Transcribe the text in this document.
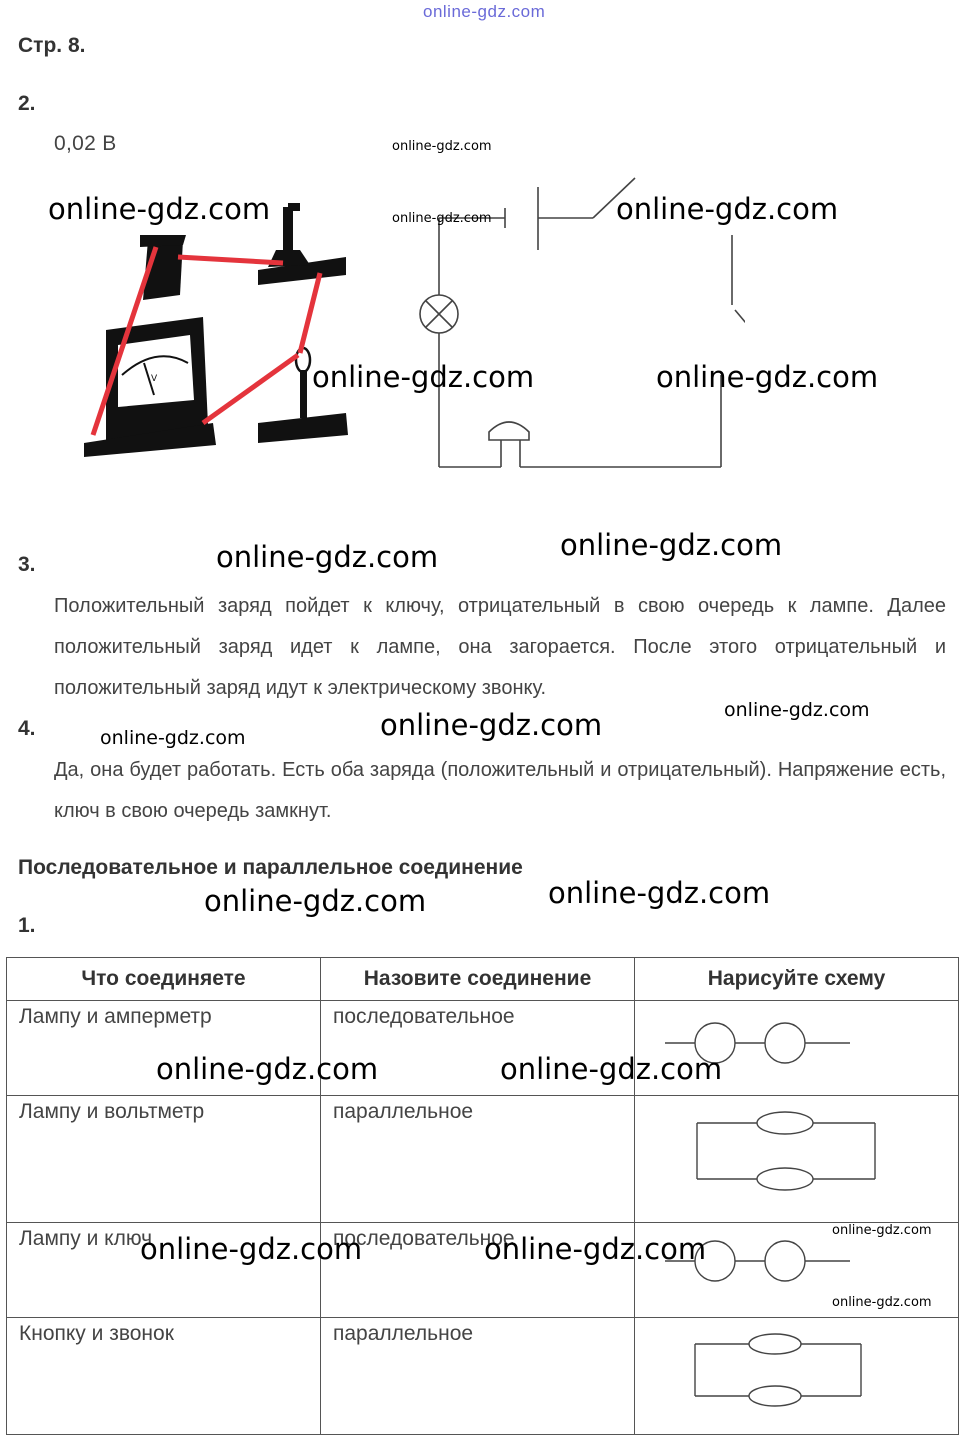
online-gdz.com
Стр. 8.
2.
0,02 В
V
3.
Положительный заряд пойдет к ключу, отрицательный в свою очередь к лампе. Далее положительный заряд идет к лампе, она загорается. После этого отрицательный и положительный заряд идут к электрическому звонку.
4.
Да, она будет работать. Есть оба заряда (положительный и отрицательный). Напряжение есть, ключ в свою очередь замкнут.
Последовательное и параллельное соединение
1.
Что соединяете	Назовите соединение	Нарисуйте схему

Лампу и амперметр	последовательное

Лампу и вольтметр	параллельное

Лампу и ключ	последовательное

Кнопку и звонок	параллельное

online-gdz.com
online-gdz.com
online-gdz.com	online-gdz.com
online-gdz.com	online-gdz.com
online-gdz.com	online-gdz.com
online-gdz.com
online-gdz.com
online-gdz.com
online-gdz.com	online-gdz.com
online-gdz.com	online-gdz.com
online-gdz.com
online-gdz.com	online-gdz.com
online-gdz.com
